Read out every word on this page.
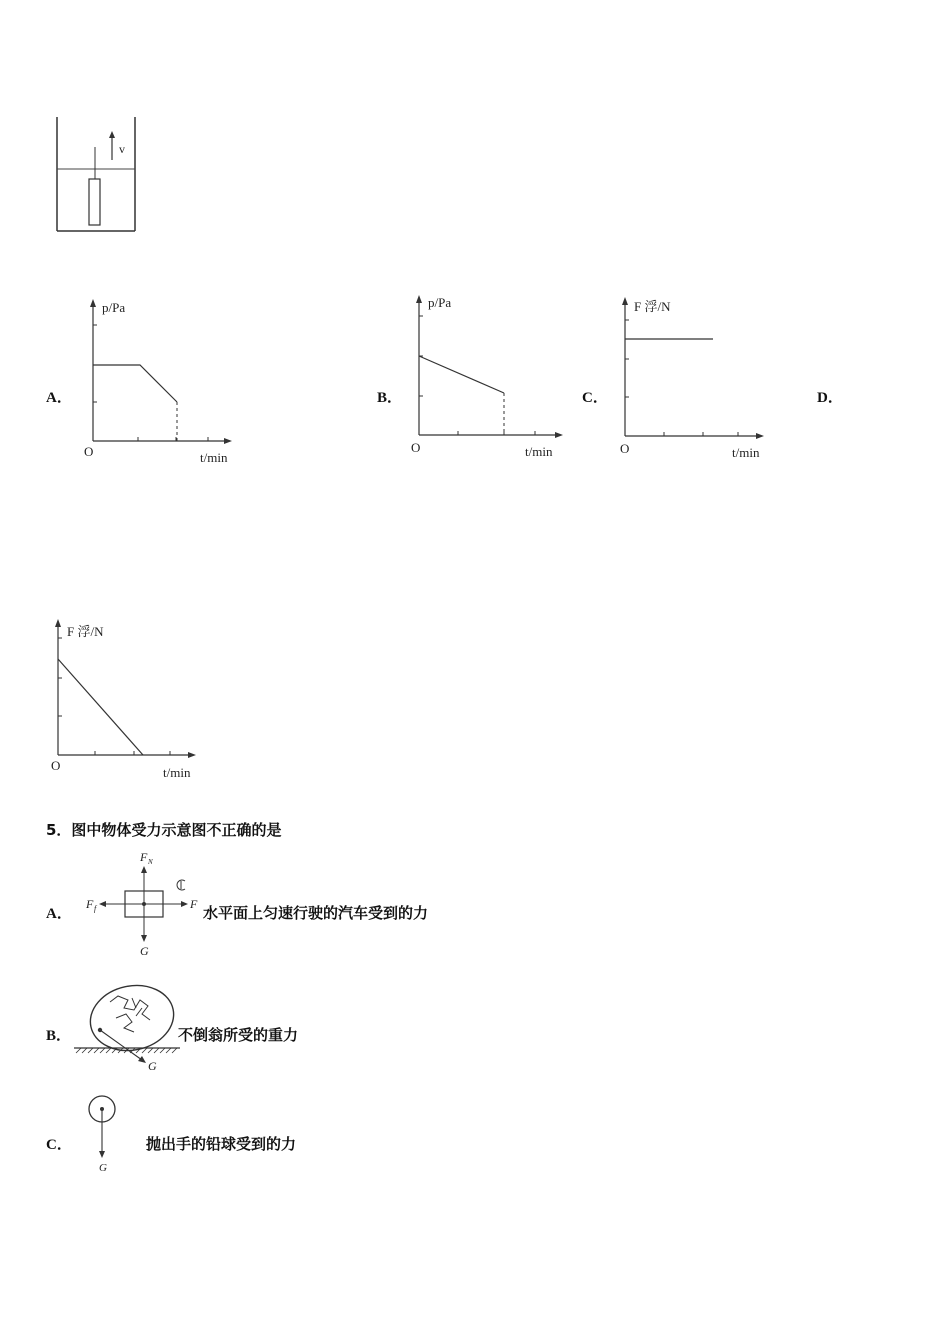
v
A．
p/Pa
t/min
O
B．
p/Pa
t/min
O
C．
F 浮/N
t/min
O
D．
F 浮/N
t/min
O
5．图中物体受力示意图不正确的是
A．
F N
F f	F
G
水平面上匀速行驶的汽车受到的力
B．
G
不倒翁所受的重力
C．
G
抛出手的铅球受到的力
